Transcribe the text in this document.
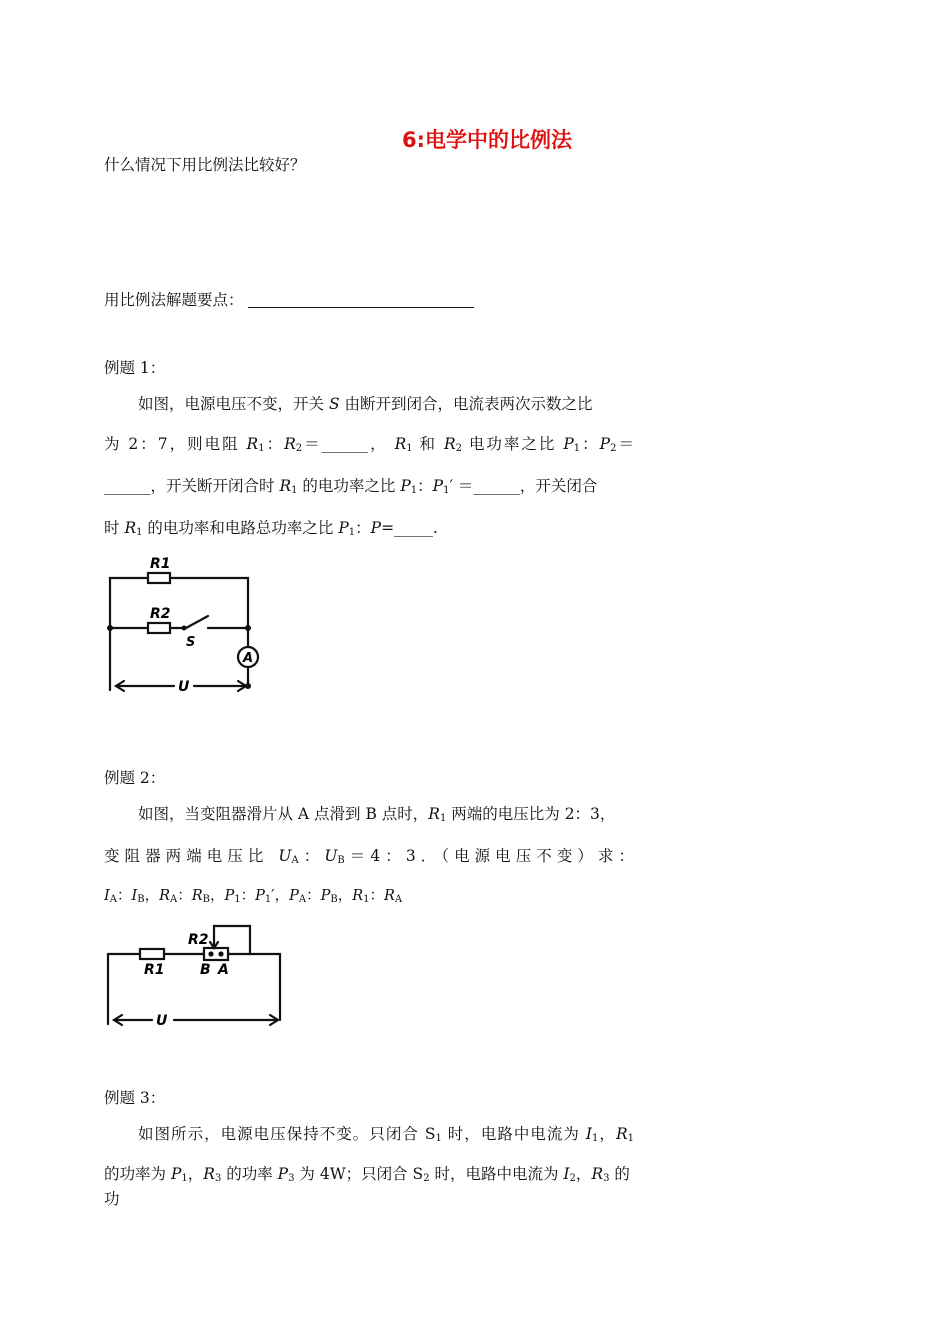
6:电学中的比例法
什么情况下用比例法比较好？
用比例法解题要点：
例题 1：
如图，电源电压不变，开关 S 由断开到闭合，电流表两次示数之比
为 2：7，则电阻 $R_1$：$R_2=\_\_\_\_\_\_$， $R_1$ 和 $R_2$ 电功率之比 $P_1$：$P_2=$
______，开关断开闭合时 $R_1$ 的电功率之比 $P_1$：$P_1'$ ＝______，开关闭合
时 $R_1$ 的电功率和电路总功率之比 $P_1$：P=_____.
R1
R2
S
A
U
例题 2：
如图，当变阻器滑片从 A 点滑到 B 点时，$R_1$ 两端的电压比为 2：3，
变阻器两端电压比 $U_A$：$U_B=4$：3．（电源电压不变）求：
$I_A$：$I_B$，$R_A$：$R_B$，$P_1$：$P_1'$，$P_A$：$P_B$，$R_1$：$R_A$
R2
R1	B A
U
例题 3：
如图所示，电源电压保持不变。只闭合 $S_1$ 时，电路中电流为 $I_1$，$R_1$
的功率为 $P_1$，$R_3$ 的功率 $P_3$ 为 4W；只闭合 $S_2$ 时，电路中电流为 $I_2$，$R_3$ 的功
